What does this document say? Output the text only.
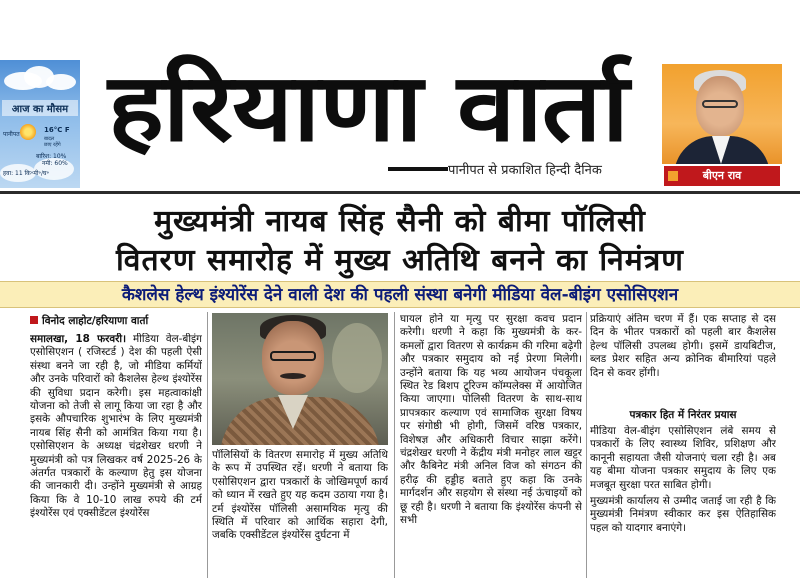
आज का मौसम
पानीपत
16°C F
बादल
छाए रहेंगे
बारिश: 10%
नमी: 60%
हवा: 11 कि॰मी॰/घ॰
हरियाणा वार्ता
पानीपत से प्रकाशित हिन्दी दैनिक	बीएन राव
मुख्यमंत्री नायब सिंह सैनी को बीमा पॉलिसी
वितरण समारोह में मुख्य अतिथि बनने का निमंत्रण
कैशलेस हेल्थ इंश्योरेंस देने वाली देश की पहली संस्था बनेगी मीडिया वेल-बीइंग एसोसिएशन
विनोद लाहोट/हरियाणा वार्ता

समालखा, 18 फरवरी। मीडिया वेल-बीइंग एसोसिएशन ( रजिस्टर्ड ) देश की पहली ऐसी संस्था बनने जा रही है, जो मीडिया कर्मियों और उनके परिवारों को कैशलेस हेल्थ इंश्योरेंस की सुविधा प्रदान करेगी। इस महत्वाकांक्षी योजना को तेजी से लागू किया जा रहा है और इसके औपचारिक शुभारंभ के लिए मुख्यमंत्री नायब सिंह सैनी को आमंत्रित किया गया है। एसोसिएशन के अध्यक्ष चंद्रशेखर धरणी ने मुख्यमंत्री को पत्र लिखकर वर्ष 2025-26 के अंतर्गत पत्रकारों के कल्याण हेतु इस योजना की जानकारी दी। उन्होंने मुख्यमंत्री से आग्रह किया कि वे 10-10 लाख रुपये की टर्म इंश्योरेंस एवं एक्सीडेंटल इंश्योरेंस

पॉलिसियों के वितरण समारोह में मुख्य अतिथि के रूप में उपस्थित रहें। धरणी ने बताया कि एसोसिएशन द्वारा पत्रकारों के जोखिमपूर्ण कार्य को ध्यान में रखते हुए यह कदम उठाया गया है। टर्म इंश्योरेंस पॉलिसी असामयिक मृत्यु की स्थिति में परिवार को आर्थिक सहारा देगी, जबकि एक्सीडेंटल इंश्योरेंस दुर्घटना में

घायल होने या मृत्यु पर सुरक्षा कवच प्रदान करेगी। धरणी ने कहा कि मुख्यमंत्री के कर-कमलों द्वारा वितरण से कार्यक्रम की गरिमा बढ़ेगी और पत्रकार समुदाय को नई प्रेरणा मिलेगी। उन्होंने बताया कि यह भव्य आयोजन पंचकूला स्थित रेड बिशप टूरिज्म कॉम्पलेक्स में आयोजित किया जाएगा। पोलिसी वितरण के साथ-साथ प्रापत्रकार कल्याण एवं सामाजिक सुरक्षा विषय पर संगोष्ठी भी होगी, जिसमें वरिष्ठ पत्रकार, विशेषज्ञ और अधिकारी विचार साझा करेंगे। चंद्रशेखर धरणी ने केंद्रीय मंत्री मनोहर लाल खट्टर और कैबिनेट मंत्री अनिल विज को संगठन की हरीढ़ की हड्डीह बताते हुए कहा कि उनके मार्गदर्शन और सहयोग से संस्था नई ऊंचाइयों को छू रही है। धरणी ने बताया कि इंश्योरेंस कंपनी से सभी

प्रक्रियाएं अंतिम चरण में हैं। एक सप्ताह से दस दिन के भीतर पत्रकारों को पहली बार कैशलेस हेल्थ पॉलिसी उपलब्ध होगी। इसमें डायबिटीज, ब्लड प्रेशर सहित अन्य क्रोनिक बीमारियां पहले दिन से कवर होंगी।

पत्रकार हित में निरंतर प्रयास

मीडिया वेल-बीइंग एसोसिएशन लंबे समय से पत्रकारों के लिए स्वास्थ्य शिविर, प्रशिक्षण और कानूनी सहायता जैसी योजनाएं चला रही है। अब यह बीमा योजना पत्रकार समुदाय के लिए एक मजबूत सुरक्षा परत साबित होगी।

मुख्यमंत्री कार्यालय से उम्मीद जताई जा रही है कि मुख्यमंत्री निमंत्रण स्वीकार कर इस ऐतिहासिक पहल को यादगार बनाएंगे।
